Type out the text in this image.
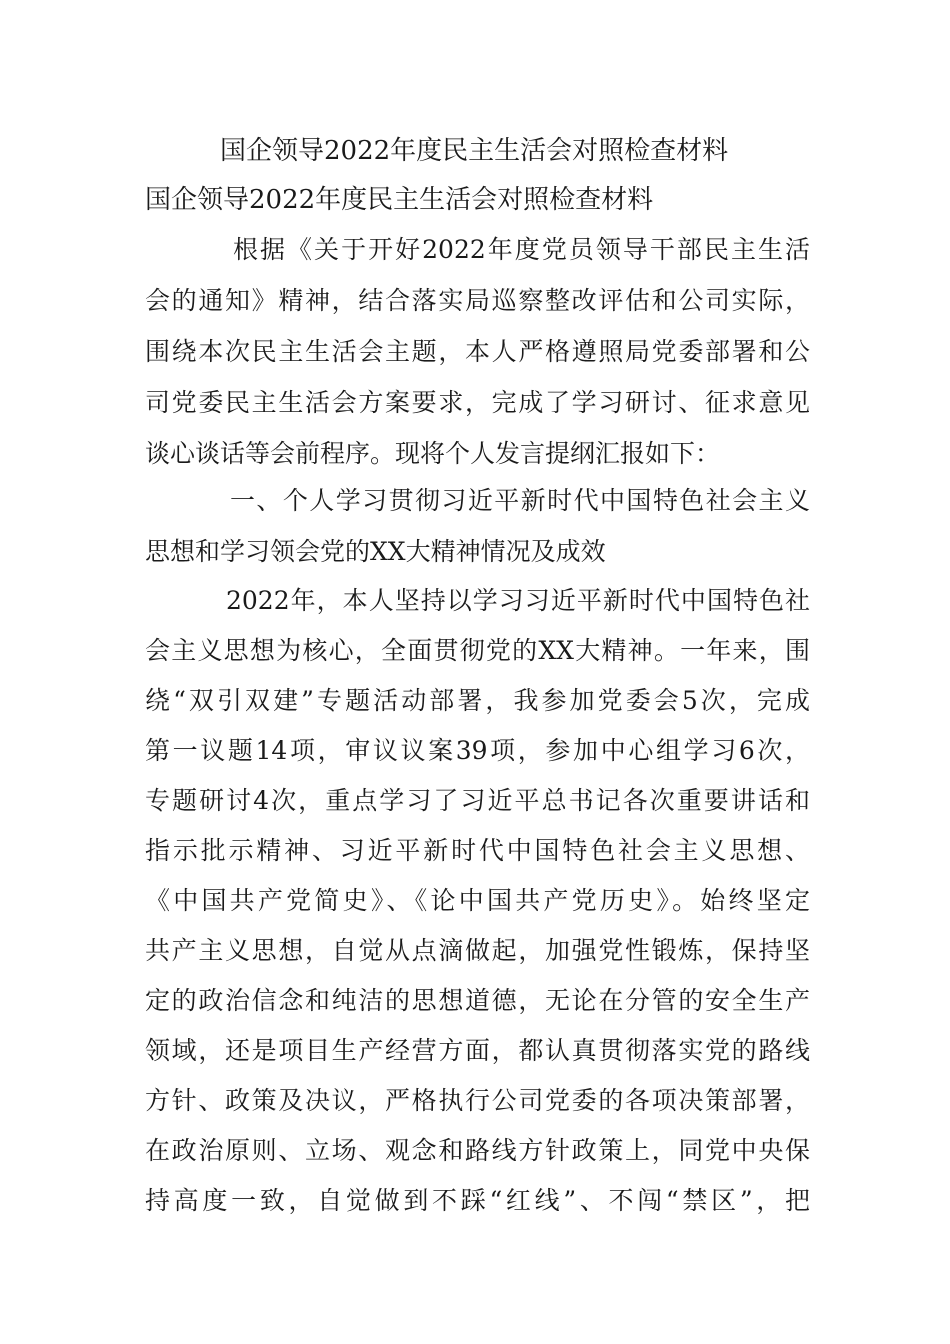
国企领导2022年度民主生活会对照检查材料
国企领导2022年度民主生活会对照检查材料
根据《关于开好2022年度党员领导干部民主生活
会的通知》精神，结合落实局巡察整改评估和公司实际，
围绕本次民主生活会主题，本人严格遵照局党委部署和公
司党委民主生活会方案要求，完成了学习研讨、征求意见
谈心谈话等会前程序。现将个人发言提纲汇报如下：
一、个人学习贯彻习近平新时代中国特色社会主义
思想和学习领会党的XX大精神情况及成效
2022年，本人坚持以学习习近平新时代中国特色社
会主义思想为核心，全面贯彻党的XX大精神。一年来，围
绕“双引双建”专题活动部署，我参加党委会5次，完成
第一议题14项，审议议案39项，参加中心组学习6次，
专题研讨4次，重点学习了习近平总书记各次重要讲话和
指示批示精神、习近平新时代中国特色社会主义思想、
《中国共产党简史》、《论中国共产党历史》。始终坚定
共产主义思想，自觉从点滴做起，加强党性锻炼，保持坚
定的政治信念和纯洁的思想道德，无论在分管的安全生产
领域，还是项目生产经营方面，都认真贯彻落实党的路线
方针、政策及决议，严格执行公司党委的各项决策部署，
在政治原则、立场、观念和路线方针政策上，同党中央保
持高度一致，自觉做到不踩“红线”、不闯“禁区”，把
